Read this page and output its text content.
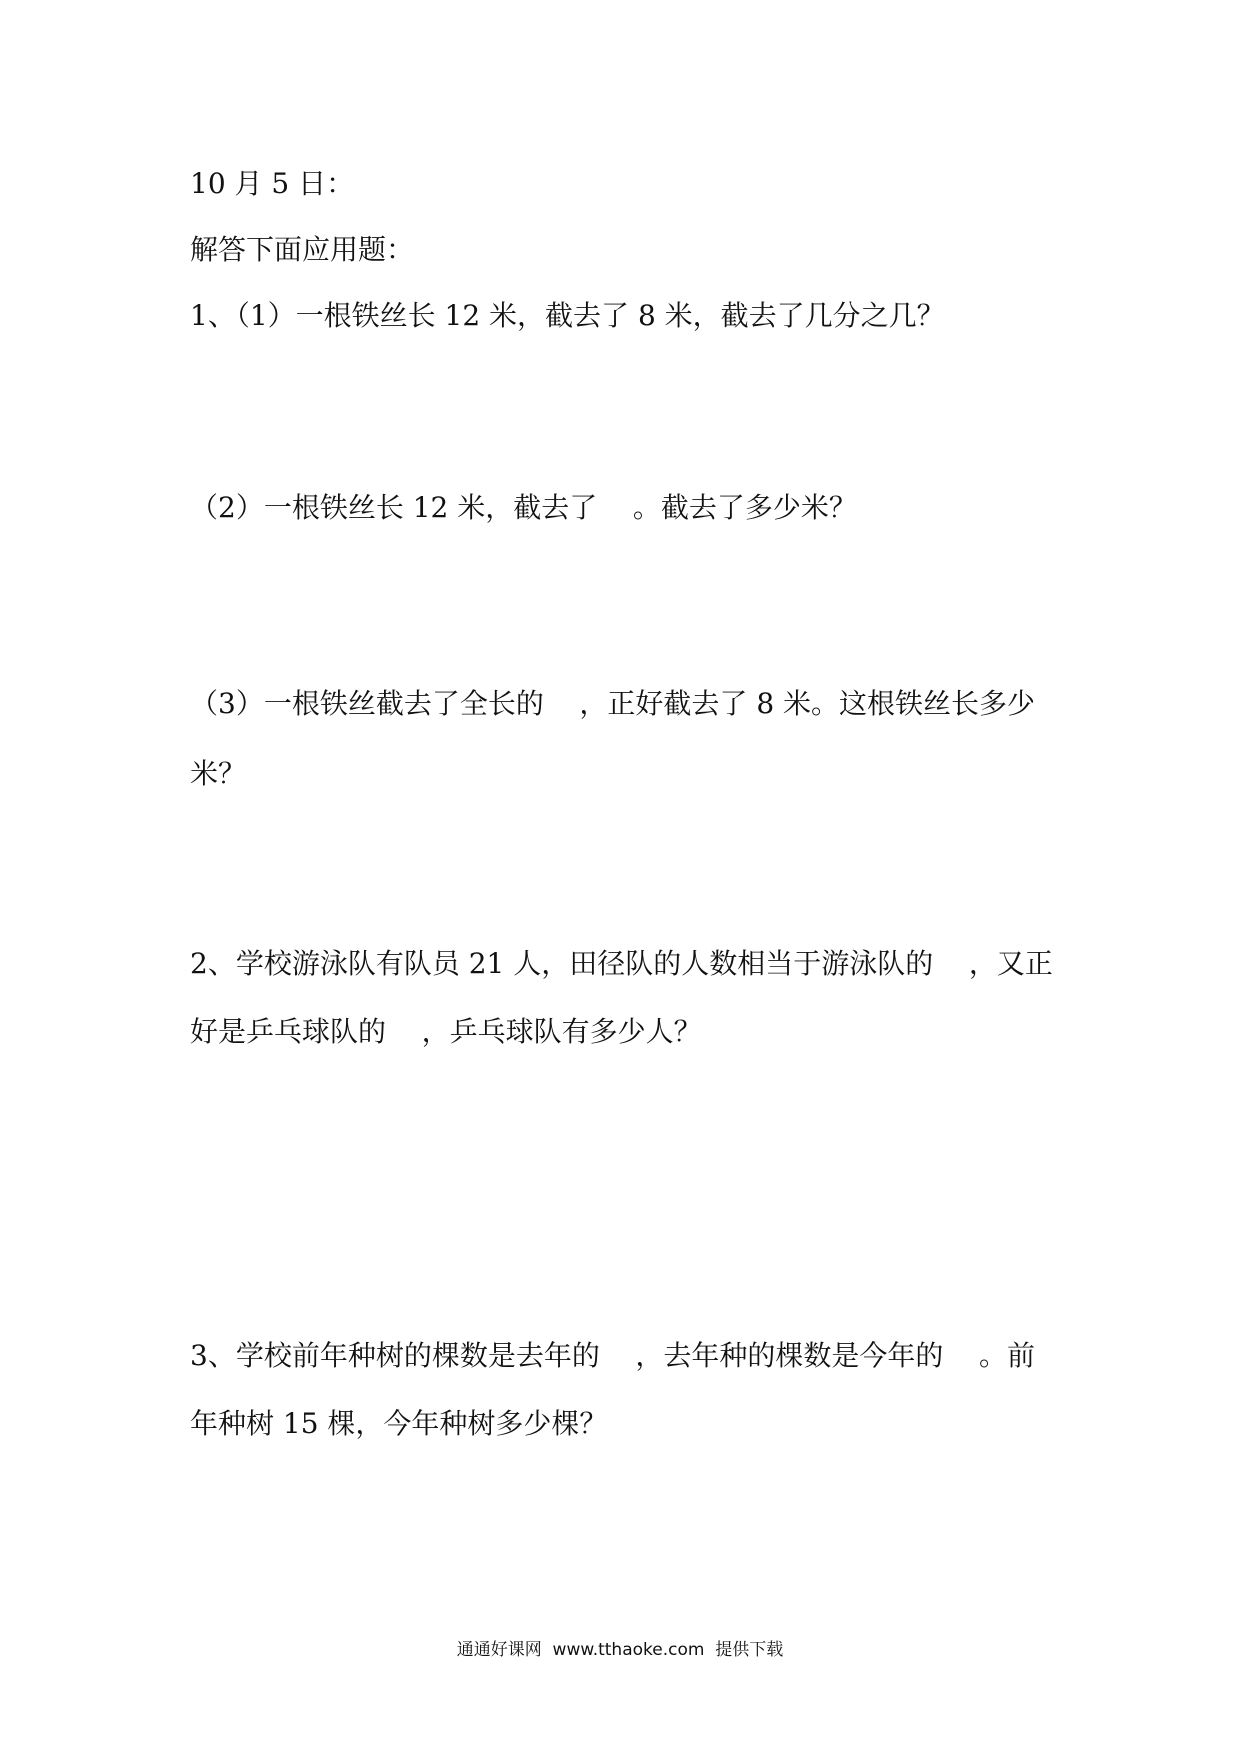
10 月 5 日：
解答下面应用题：
1、（1）一根铁丝长 12 米，截去了 8 米，截去了几分之几？
（2）一根铁丝长 12 米，截去了    。截去了多少米？
（3）一根铁丝截去了全长的    ，正好截去了 8 米。这根铁丝长多少
米？
2、学校游泳队有队员 21 人，田径队的人数相当于游泳队的    ，又正
好是乒乓球队的    ，乒乓球队有多少人？
3、学校前年种树的棵数是去年的    ，去年种的棵数是今年的    。前
年种树 15 棵，今年种树多少棵？
通通好课网  www.tthaoke.com  提供下载
